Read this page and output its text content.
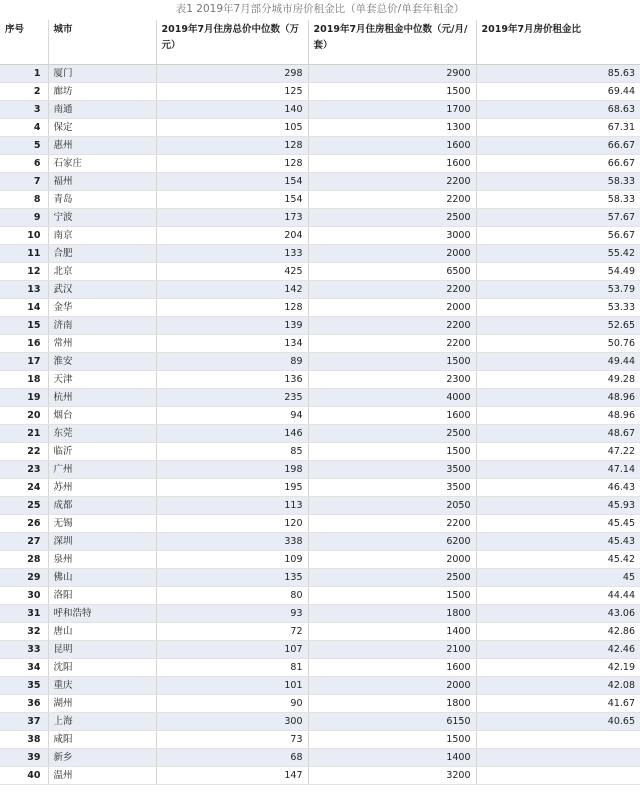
表1 2019年7月部分城市房价租金比（单套总价/单套年租金）
序号	城市	2019年7月住房总价中位数（万元）	2019年7月住房租金中位数（元/月/套）	2019年7月房价租金比
1	厦门	298	2900	85.63
2	廊坊	125	1500	69.44
3	南通	140	1700	68.63
4	保定	105	1300	67.31
5	惠州	128	1600	66.67
6	石家庄	128	1600	66.67
7	福州	154	2200	58.33
8	青岛	154	2200	58.33
9	宁波	173	2500	57.67
10	南京	204	3000	56.67
11	合肥	133	2000	55.42
12	北京	425	6500	54.49
13	武汉	142	2200	53.79
14	金华	128	2000	53.33
15	济南	139	2200	52.65
16	常州	134	2200	50.76
17	淮安	89	1500	49.44
18	天津	136	2300	49.28
19	杭州	235	4000	48.96
20	烟台	94	1600	48.96
21	东莞	146	2500	48.67
22	临沂	85	1500	47.22
23	广州	198	3500	47.14
24	苏州	195	3500	46.43
25	成都	113	2050	45.93
26	无锡	120	2200	45.45
27	深圳	338	6200	45.43
28	泉州	109	2000	45.42
29	佛山	135	2500	45
30	洛阳	80	1500	44.44
31	呼和浩特	93	1800	43.06
32	唐山	72	1400	42.86
33	昆明	107	2100	42.46
34	沈阳	81	1600	42.19
35	重庆	101	2000	42.08
36	湖州	90	1800	41.67
37	上海	300	6150	40.65
38	咸阳	73	1500	
39	新乡	68	1400	
40	温州	147	3200	
